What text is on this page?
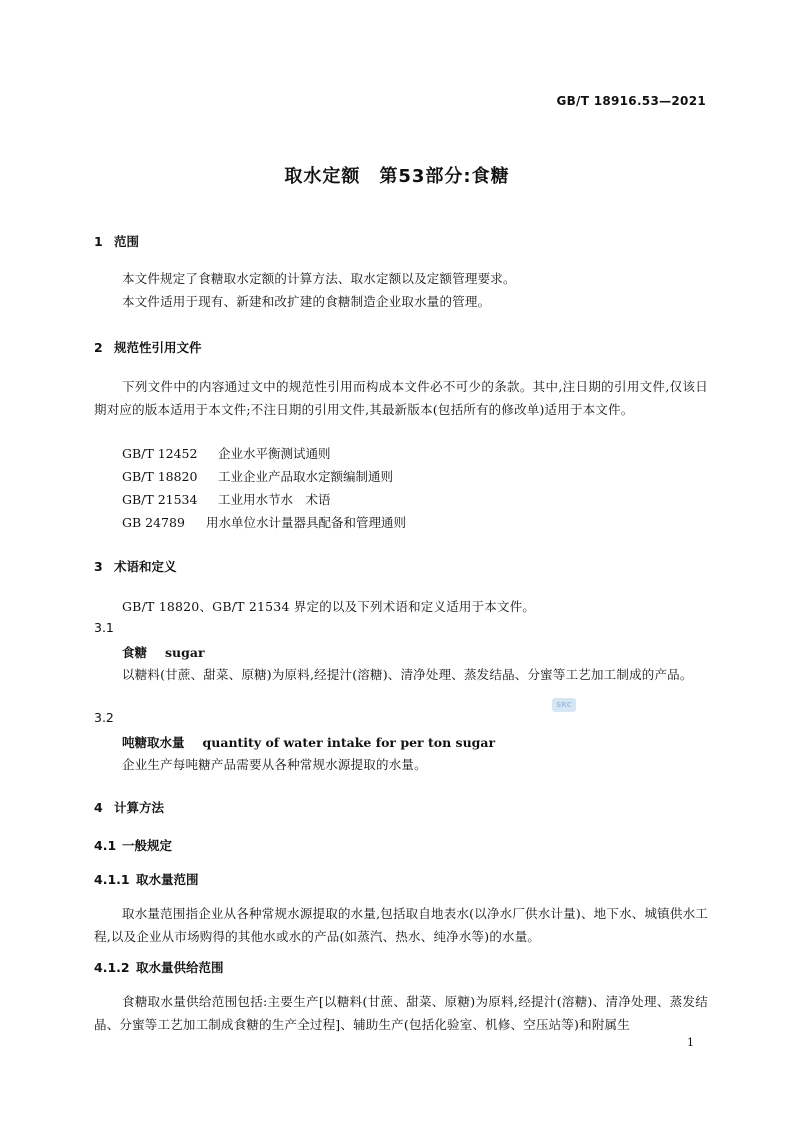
GB/T 18916.53—2021
取水定额　第53部分:食糖
1 范围
本文件规定了食糖取水定额的计算方法、取水定额以及定额管理要求。
本文件适用于现有、新建和改扩建的食糖制造企业取水量的管理。
2 规范性引用文件
下列文件中的内容通过文中的规范性引用而构成本文件必不可少的条款。其中,注日期的引用文件,仅该日期对应的版本适用于本文件;不注日期的引用文件,其最新版本(包括所有的修改单)适用于本文件。
GB/T 12452 企业水平衡测试通则
GB/T 18820 工业企业产品取水定额编制通则
GB/T 21534 工业用水节水　术语
GB 24789 用水单位水计量器具配备和管理通则
3 术语和定义
GB/T 18820、GB/T 21534 界定的以及下列术语和定义适用于本文件。
3.1
食糖 sugar
以糖料(甘蔗、甜菜、原糖)为原料,经提汁(溶糖)、清净处理、蒸发结晶、分蜜等工艺加工制成的产品。
SRC
3.2
吨糖取水量 quantity of water intake for per ton sugar
企业生产每吨糖产品需要从各种常规水源提取的水量。
4 计算方法
4.1 一般规定
4.1.1 取水量范围
取水量范围指企业从各种常规水源提取的水量,包括取自地表水(以净水厂供水计量)、地下水、城镇供水工程,以及企业从市场购得的其他水或水的产品(如蒸汽、热水、纯净水等)的水量。
4.1.2 取水量供给范围
食糖取水量供给范围包括:主要生产[以糖料(甘蔗、甜菜、原糖)为原料,经提汁(溶糖)、清净处理、蒸发结晶、分蜜等工艺加工制成食糖的生产全过程]、辅助生产(包括化验室、机修、空压站等)和附属生
1
